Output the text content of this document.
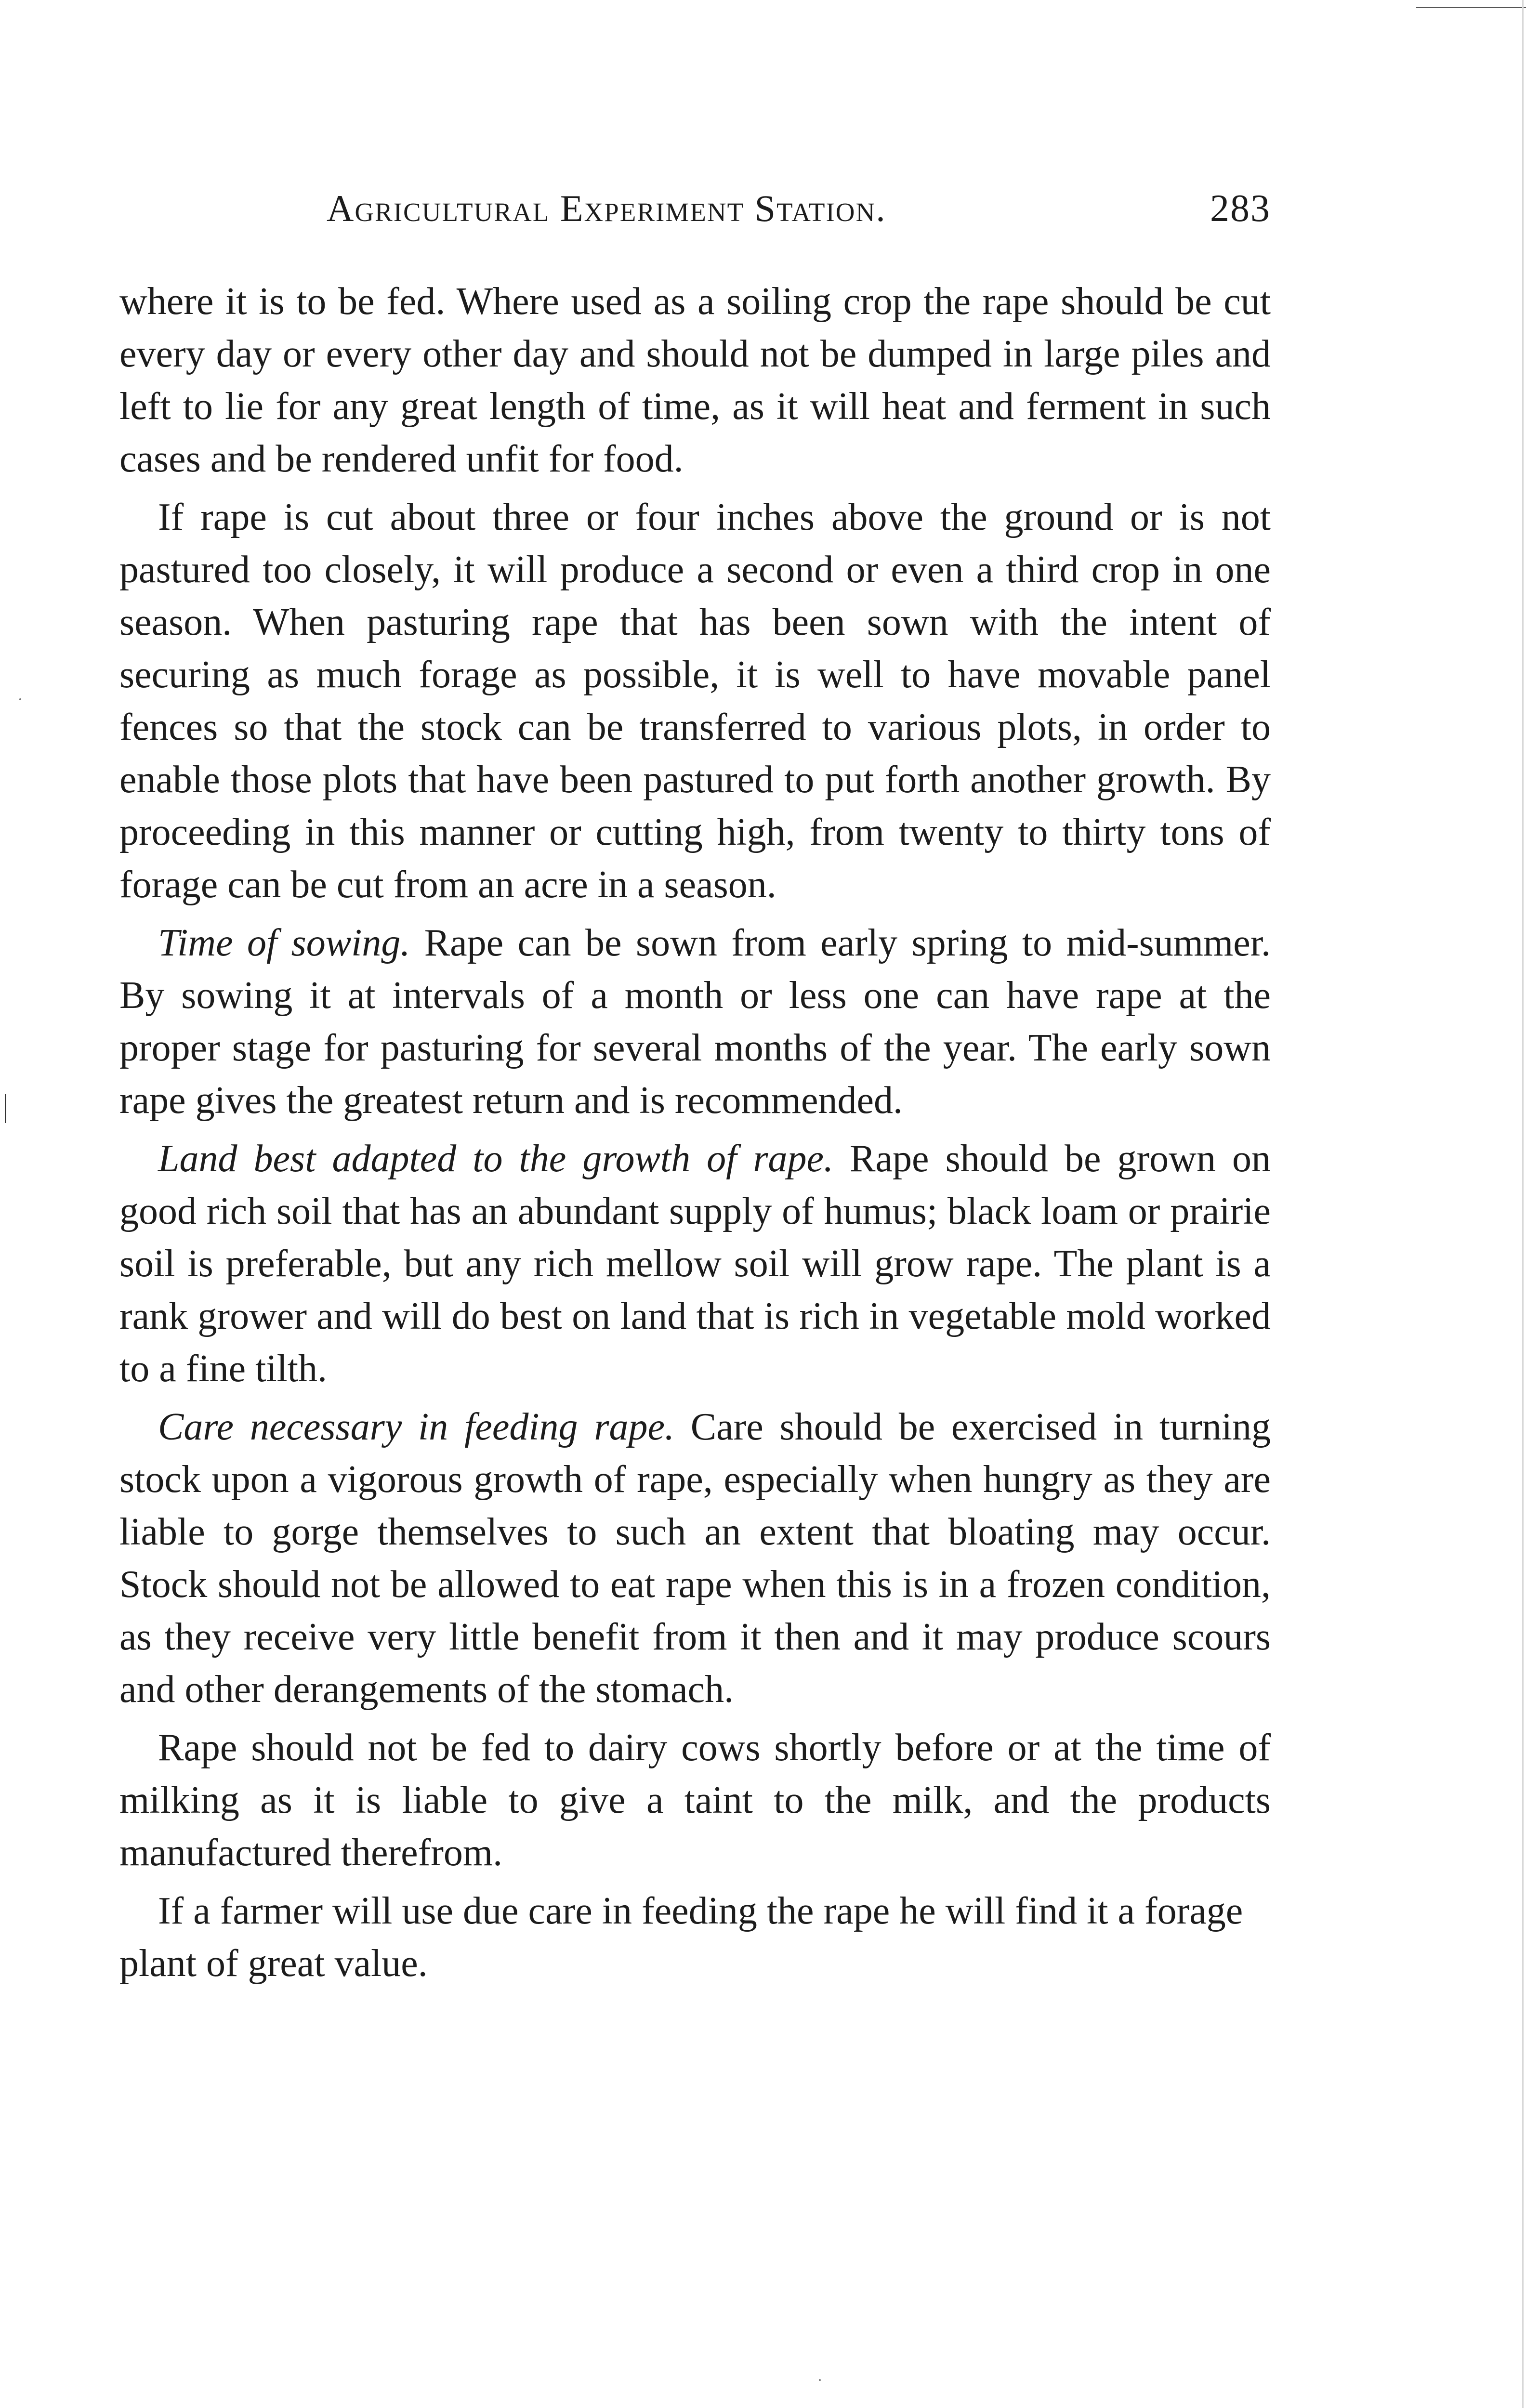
Agricultural Experiment Station.	283

where it is to be fed. Where used as a soiling crop the rape should be cut every day or every other day and should not be dumped in large piles and left to lie for any great length of time, as it will heat and ferment in such cases and be rendered unfit for food.

If rape is cut about three or four inches above the ground or is not pastured too closely, it will produce a second or even a third crop in one season. When pasturing rape that has been sown with the intent of securing as much forage as possible, it is well to have movable panel fences so that the stock can be transferred to various plots, in order to enable those plots that have been pastured to put forth another growth. By proceeding in this manner or cutting high, from twenty to thirty tons of forage can be cut from an acre in a season.

Time of sowing. Rape can be sown from early spring to mid-summer. By sowing it at intervals of a month or less one can have rape at the proper stage for pasturing for several months of the year. The early sown rape gives the greatest return and is recommended.

Land best adapted to the growth of rape. Rape should be grown on good rich soil that has an abundant supply of humus; black loam or prairie soil is preferable, but any rich mellow soil will grow rape. The plant is a rank grower and will do best on land that is rich in vegetable mold worked to a fine tilth.

Care necessary in feeding rape. Care should be exercised in turning stock upon a vigorous growth of rape, especially when hungry as they are liable to gorge themselves to such an extent that bloating may occur. Stock should not be allowed to eat rape when this is in a frozen condition, as they receive very little benefit from it then and it may produce scours and other derangements of the stomach.

Rape should not be fed to dairy cows shortly before or at the time of milking as it is liable to give a taint to the milk, and the products manufactured therefrom.

If a farmer will use due care in feeding the rape he will find it a forage plant of great value.
